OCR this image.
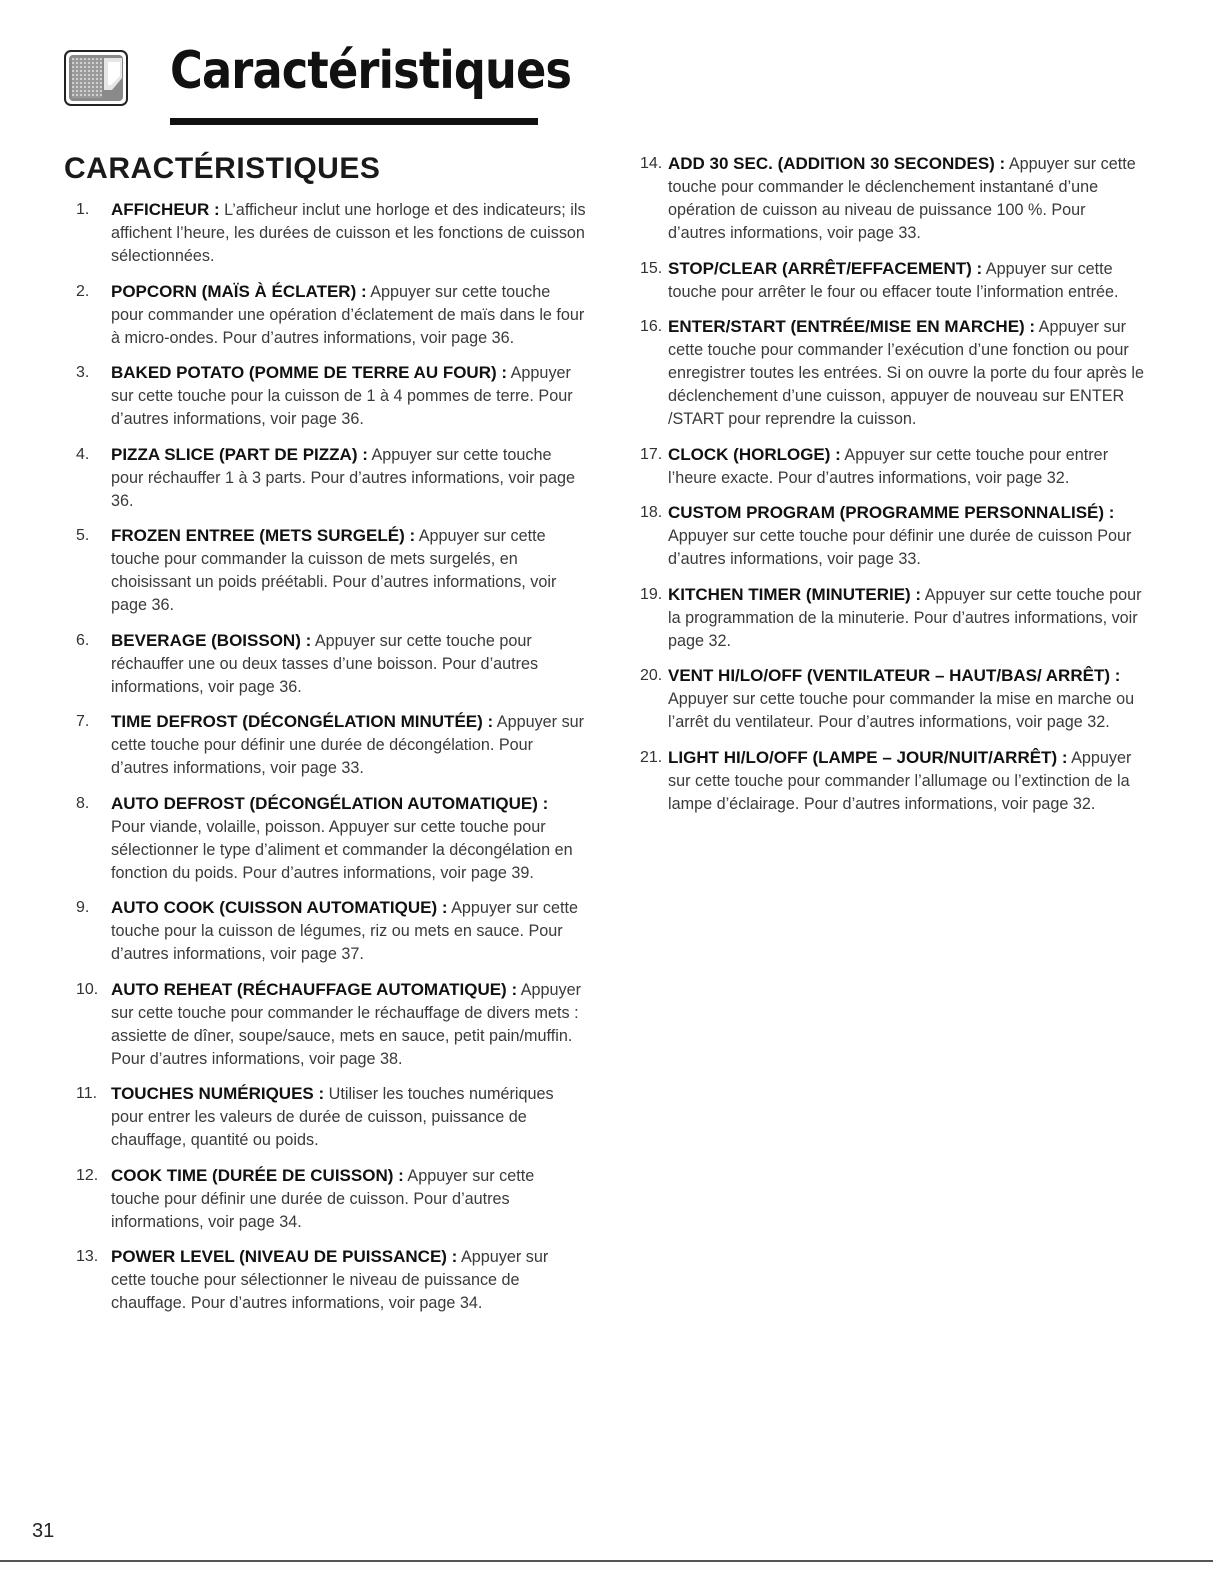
Caractéristiques
CARACTÉRISTIQUES
1. AFFICHEUR : L’afficheur inclut une horloge et des indicateurs; ils affichent l’heure, les durées de cuisson et les fonctions de cuisson sélectionnées.
2. POPCORN (MAÏS À ÉCLATER) : Appuyer sur cette touche pour commander une opération d’éclatement de maïs dans le four à micro-ondes. Pour d’autres informations, voir page 36.
3. BAKED POTATO (POMME DE TERRE AU FOUR) : Appuyer sur cette touche pour la cuisson de 1 à 4 pommes de terre. Pour d’autres informations, voir page 36.
4. PIZZA SLICE (PART DE PIZZA) : Appuyer sur cette touche pour réchauffer 1 à 3 parts. Pour d’autres informations, voir page 36.
5. FROZEN ENTREE (METS SURGELÉ) : Appuyer sur cette touche pour commander la cuisson de mets surgelés, en choisissant un poids préétabli. Pour d’autres informations, voir page 36.
6. BEVERAGE (BOISSON) : Appuyer sur cette touche pour réchauffer une ou deux tasses d’une boisson. Pour d’autres informations, voir page 36.
7. TIME DEFROST (DÉCONGÉLATION MINUTÉE) : Appuyer sur cette touche pour définir une durée de décongélation. Pour d’autres informations, voir page 33.
8. AUTO DEFROST (DÉCONGÉLATION AUTOMATIQUE) : Pour viande, volaille, poisson. Appuyer sur cette touche pour sélectionner le type d’aliment et commander la décongélation en fonction du poids. Pour d’autres informations, voir page 39.
9. AUTO COOK (CUISSON AUTOMATIQUE) : Appuyer sur cette touche pour la cuisson de légumes, riz ou mets en sauce. Pour d’autres informations, voir page 37.
10. AUTO REHEAT (RÉCHAUFFAGE AUTOMATIQUE) : Appuyer sur cette touche pour commander le réchauffage de divers mets : assiette de dîner, soupe/sauce, mets en sauce, petit pain/muffin. Pour d’autres informations, voir page 38.
11. TOUCHES NUMÉRIQUES : Utiliser les touches numériques pour entrer les valeurs de durée de cuisson, puissance de chauffage, quantité ou poids.
12. COOK TIME (DURÉE DE CUISSON) : Appuyer sur cette touche pour définir une durée de cuisson. Pour d’autres informations, voir page 34.
13. POWER LEVEL (NIVEAU DE PUISSANCE) : Appuyer sur cette touche pour sélectionner le niveau de puissance de chauffage. Pour d’autres informations, voir page 34.
14. ADD 30 SEC. (ADDITION 30 SECONDES) : Appuyer sur cette touche pour commander le déclenchement instantané d’une opération de cuisson au niveau de puissance 100 %. Pour d’autres informations, voir page 33.
15. STOP/CLEAR (ARRÊT/EFFACEMENT) : Appuyer sur cette touche pour arrêter le four ou effacer toute l’information entrée.
16. ENTER/START (ENTRÉE/MISE EN MARCHE) : Appuyer sur cette touche pour commander l’exécution d’une fonction ou pour enregistrer toutes les entrées. Si on ouvre la porte du four après le déclenchement d’une cuisson, appuyer de nouveau sur ENTER /START pour reprendre la cuisson.
17. CLOCK (HORLOGE) : Appuyer sur cette touche pour entrer l’heure exacte. Pour d’autres informations, voir page 32.
18. CUSTOM PROGRAM (PROGRAMME PERSONNALISÉ) : Appuyer sur cette touche pour définir une durée de cuisson Pour d’autres informations, voir page 33.
19. KITCHEN TIMER (MINUTERIE) : Appuyer sur cette touche pour la programmation de la minuterie. Pour d’autres informations, voir page 32.
20. VENT HI/LO/OFF (VENTILATEUR – HAUT/BAS/ ARRÊT) : Appuyer sur cette touche pour commander la mise en marche ou l’arrêt du ventilateur. Pour d’autres informations, voir page 32.
21. LIGHT HI/LO/OFF (LAMPE – JOUR/NUIT/ARRÊT) : Appuyer sur cette touche pour commander l’allumage ou l’extinction de la lampe d’éclairage. Pour d’autres informations, voir page 32.
31
